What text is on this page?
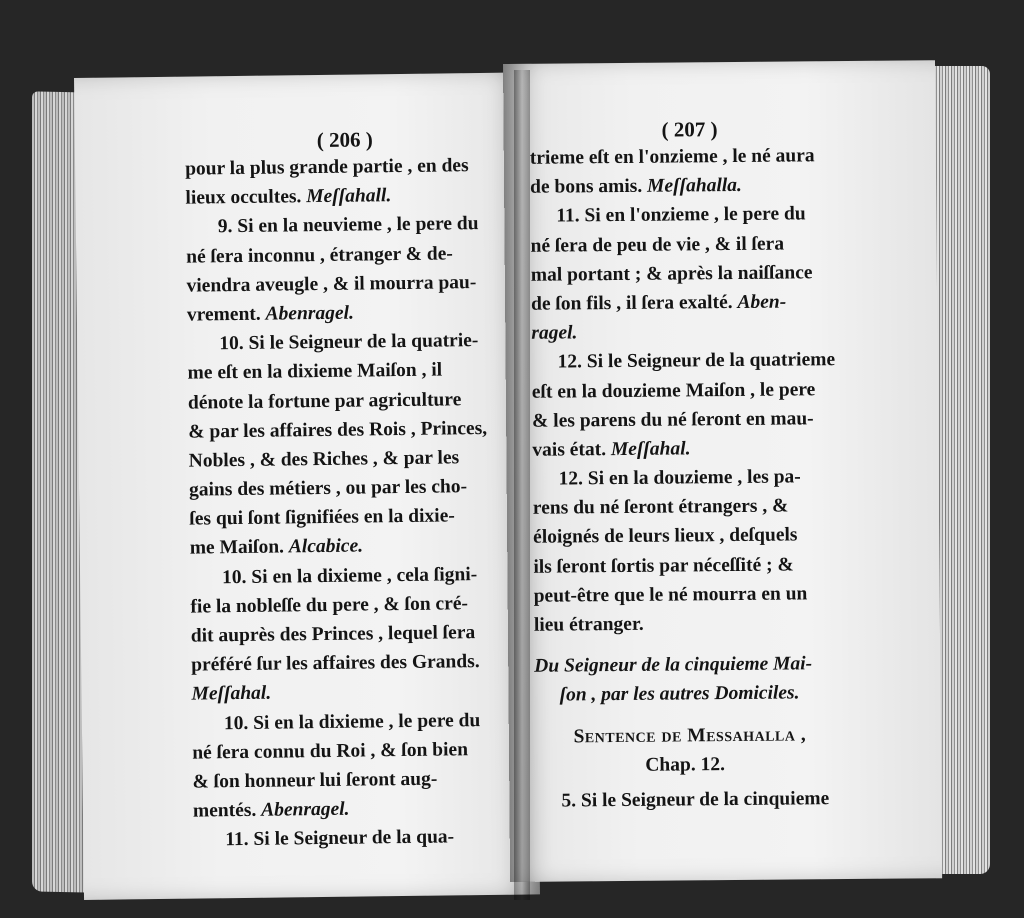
( 206 )
pour la plus grande partie , en des
lieux occultes. Meſſahall.
9. Si en la neuvieme , le pere du
né ſera inconnu , étranger & de-
viendra aveugle , & il mourra pau-
vrement. Abenragel.
10. Si le Seigneur de la quatrie-
me eſt en la dixieme Maiſon , il
dénote la fortune par agriculture
& par les affaires des Rois , Princes,
Nobles , & des Riches , & par les
gains des métiers , ou par les cho-
ſes qui ſont ſignifiées en la dixie-
me Maiſon. Alcabice.
10. Si en la dixieme , cela ſigni-
fie la nobleſſe du pere , & ſon cré-
dit auprès des Princes , lequel ſera
préféré ſur les affaires des Grands.
Meſſahal.
10. Si en la dixieme , le pere du
né ſera connu du Roi , & ſon bien
& ſon honneur lui ſeront aug-
mentés. Abenragel.
11. Si le Seigneur de la qua-
( 207 )
trieme eſt en l'onzieme , le né aura
de bons amis. Meſſahalla.
11. Si en l'onzieme , le pere du
né ſera de peu de vie , & il ſera
mal portant ; & après la naiſſance
de ſon fils , il ſera exalté. Aben-
ragel.
12. Si le Seigneur de la quatrieme
eſt en la douzieme Maiſon , le pere
& les parens du né ſeront en mau-
vais état. Meſſahal.
12. Si en la douzieme , les pa-
rens du né ſeront étrangers , &
éloignés de leurs lieux , deſquels
ils ſeront ſortis par néceſſité ; &
peut-être que le né mourra en un
lieu étranger.
Du Seigneur de la cinquieme Mai-
ſon , par les autres Domiciles.
Sentence de Messahalla ,
Chap. 12.
5. Si le Seigneur de la cinquieme
